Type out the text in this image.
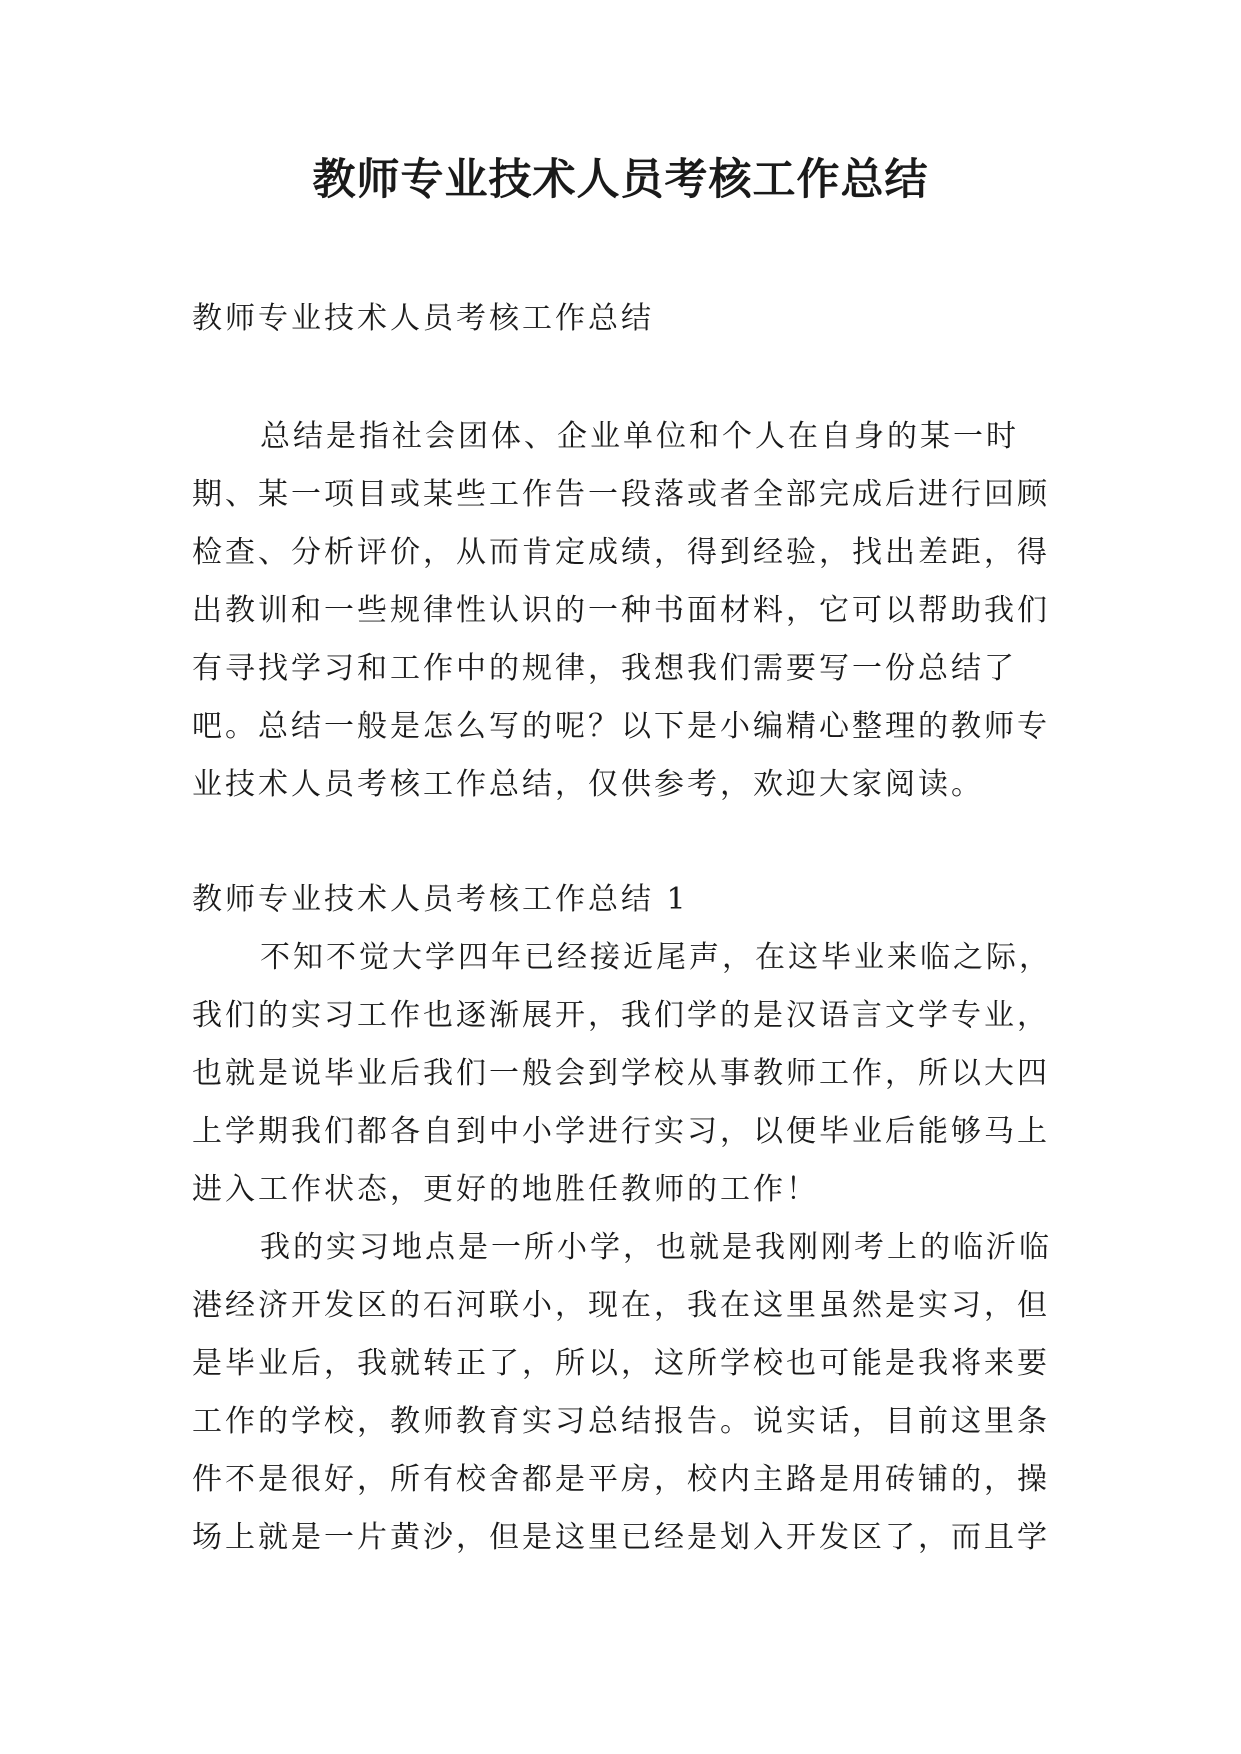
教师专业技术人员考核工作总结

教师专业技术人员考核工作总结

总结是指社会团体、企业单位和个人在自身的某一时期、某一项目或某些工作告一段落或者全部完成后进行回顾检查、分析评价，从而肯定成绩，得到经验，找出差距，得出教训和一些规律性认识的一种书面材料，它可以帮助我们有寻找学习和工作中的规律，我想我们需要写一份总结了吧。总结一般是怎么写的呢？以下是小编精心整理的教师专业技术人员考核工作总结，仅供参考，欢迎大家阅读。

教师专业技术人员考核工作总结 1

不知不觉大学四年已经接近尾声，在这毕业来临之际，我们的实习工作也逐渐展开，我们学的是汉语言文学专业，也就是说毕业后我们一般会到学校从事教师工作，所以大四上学期我们都各自到中小学进行实习，以便毕业后能够马上进入工作状态，更好的地胜任教师的工作！

我的实习地点是一所小学，也就是我刚刚考上的临沂临港经济开发区的石河联小，现在，我在这里虽然是实习，但是毕业后，我就转正了，所以，这所学校也可能是我将来要工作的学校，教师教育实习总结报告。说实话，目前这里条件不是很好，所有校舍都是平房，校内主路是用砖铺的，操场上就是一片黄沙，但是这里已经是划入开发区了，而且学
